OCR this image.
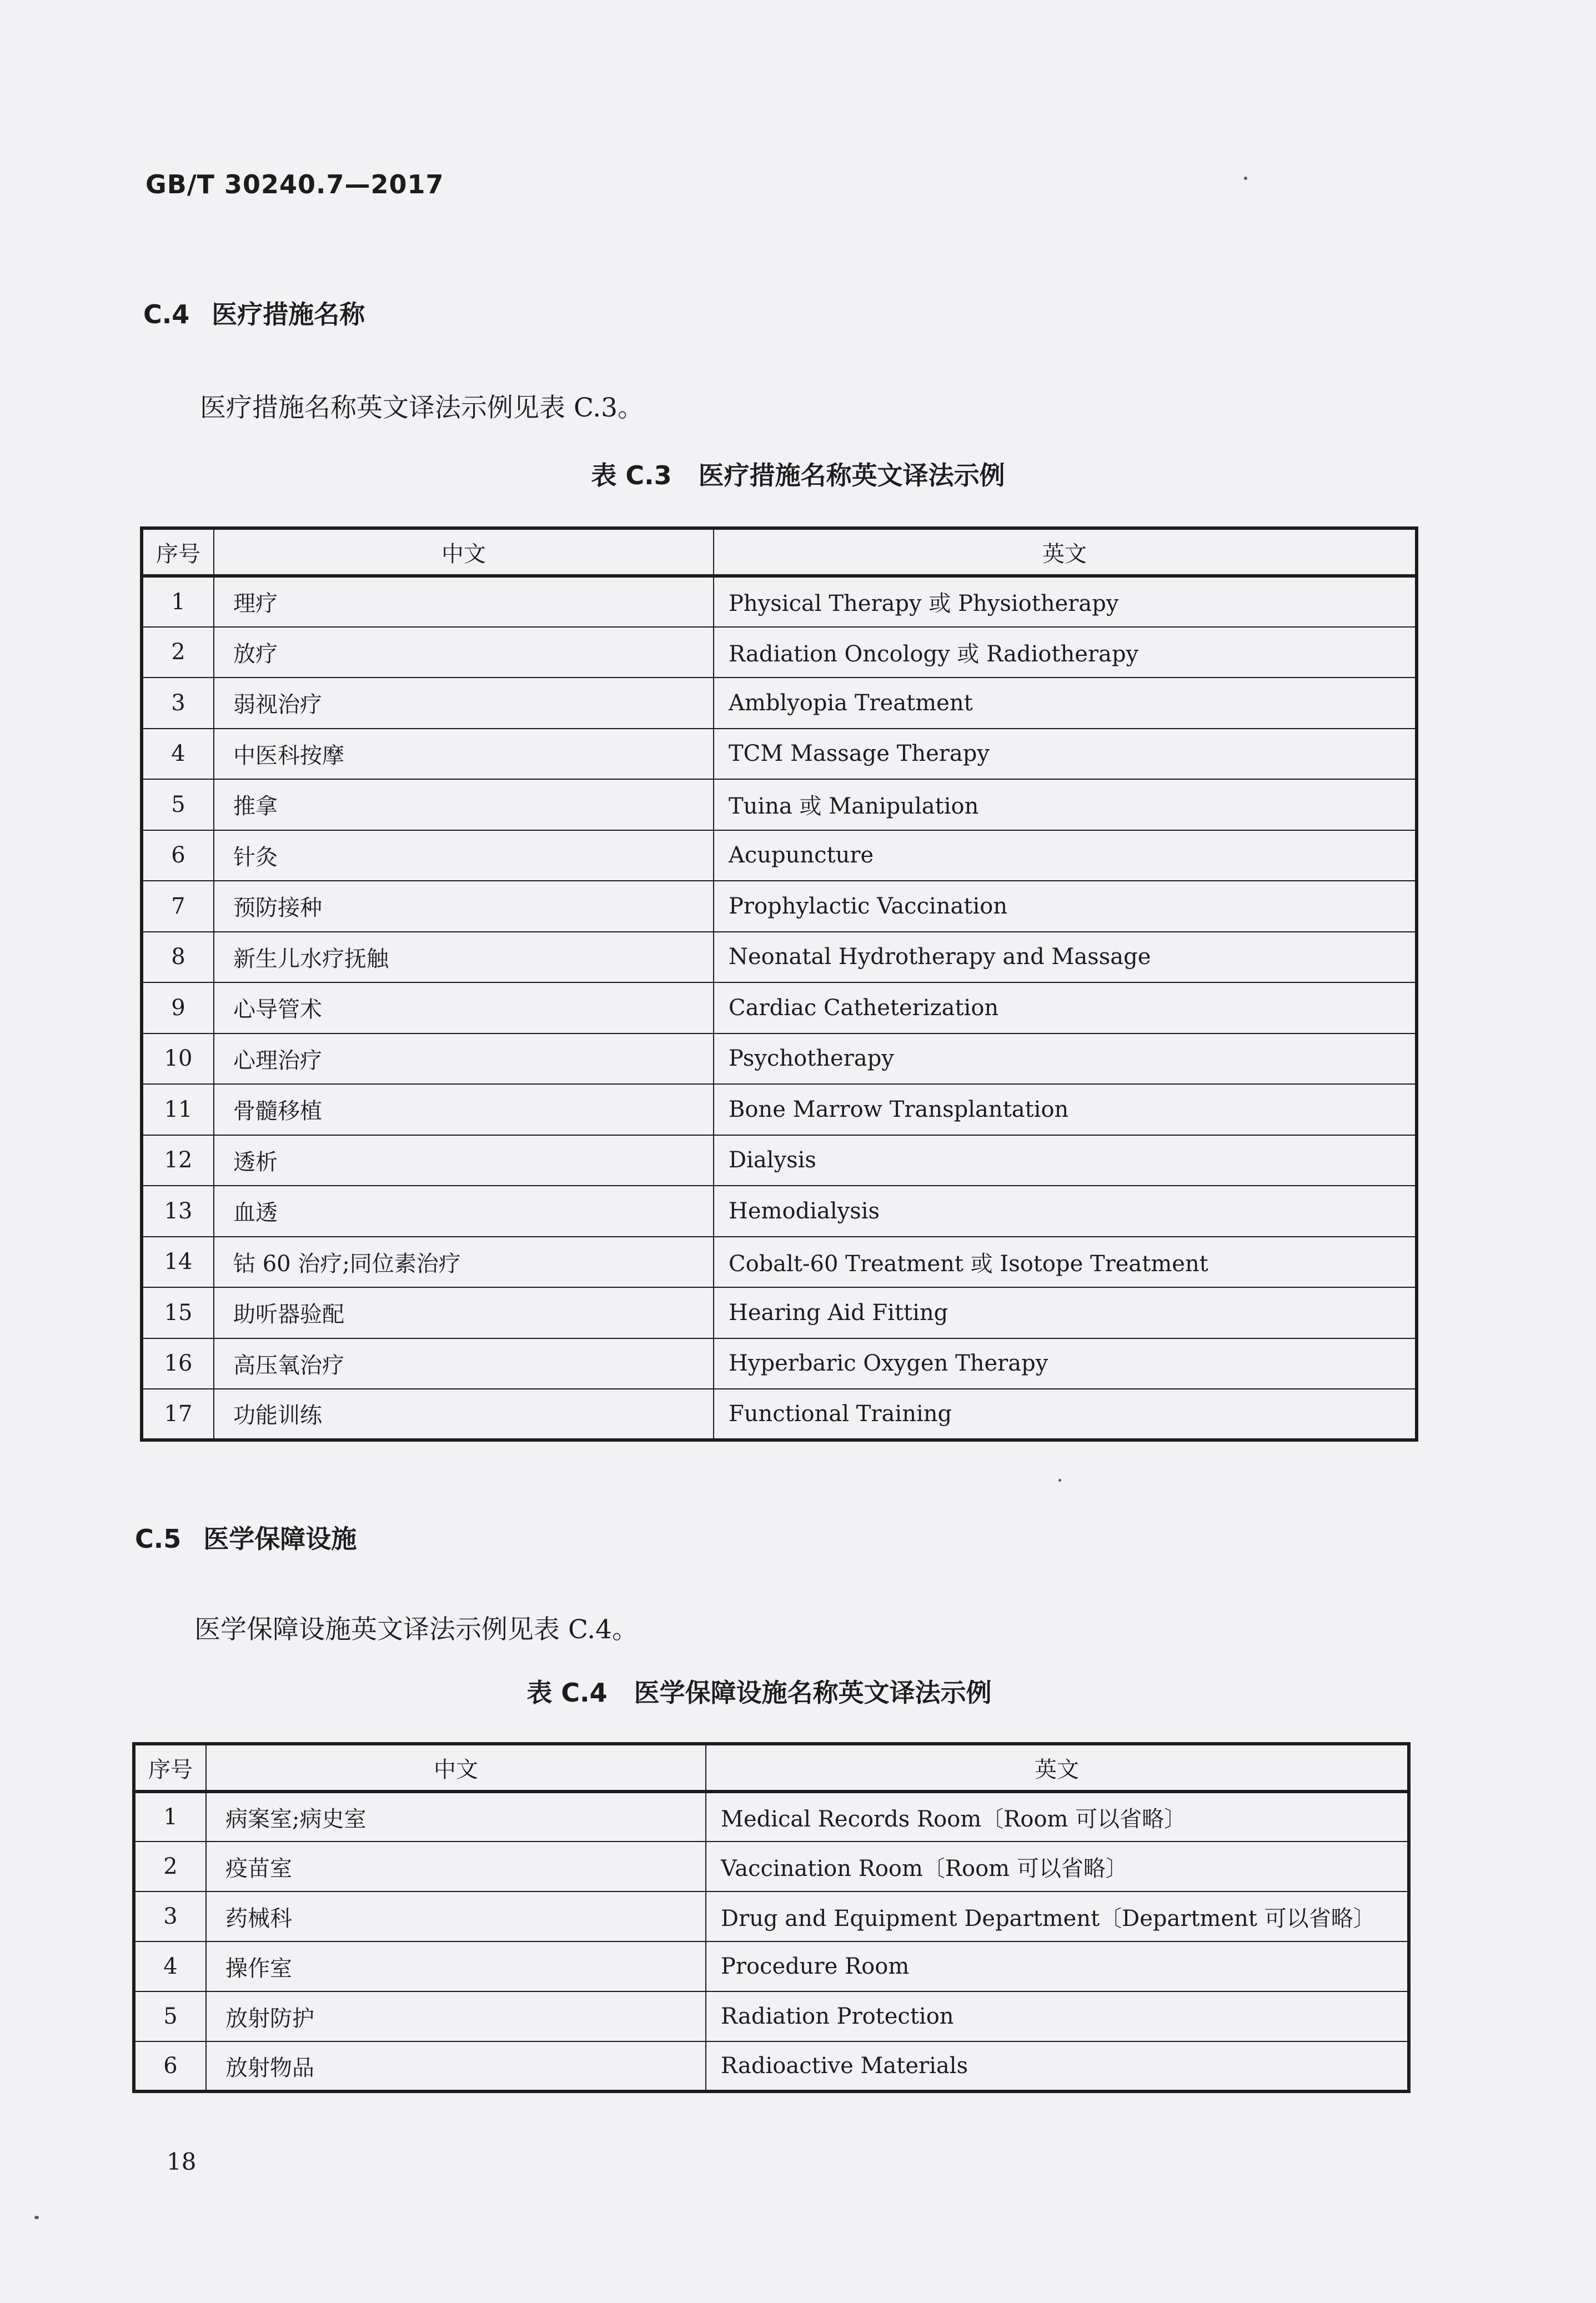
GB/T 30240.7—2017
C.4 医疗措施名称
医疗措施名称英文译法示例见表 C.3。
表 C.3 医疗措施名称英文译法示例
序号	中文	英文
1	理疗	Physical Therapy 或 Physiotherapy
2	放疗	Radiation Oncology 或 Radiotherapy
3	弱视治疗	Amblyopia Treatment
4	中医科按摩	TCM Massage Therapy
5	推拿	Tuina 或 Manipulation
6	针灸	Acupuncture
7	预防接种	Prophylactic Vaccination
8	新生儿水疗抚触	Neonatal Hydrotherapy and Massage
9	心导管术	Cardiac Catheterization
10	心理治疗	Psychotherapy
11	骨髓移植	Bone Marrow Transplantation
12	透析	Dialysis
13	血透	Hemodialysis
14	钴 60 治疗;同位素治疗	Cobalt-60 Treatment 或 Isotope Treatment
15	助听器验配	Hearing Aid Fitting
16	高压氧治疗	Hyperbaric Oxygen Therapy
17	功能训练	Functional Training
C.5 医学保障设施
医学保障设施英文译法示例见表 C.4。
表 C.4 医学保障设施名称英文译法示例
序号	中文	英文
1	病案室;病史室	Medical Records Room〔Room 可以省略〕
2	疫苗室	Vaccination Room〔Room 可以省略〕
3	药械科	Drug and Equipment Department〔Department 可以省略〕
4	操作室	Procedure Room
5	放射防护	Radiation Protection
6	放射物品	Radioactive Materials
18
